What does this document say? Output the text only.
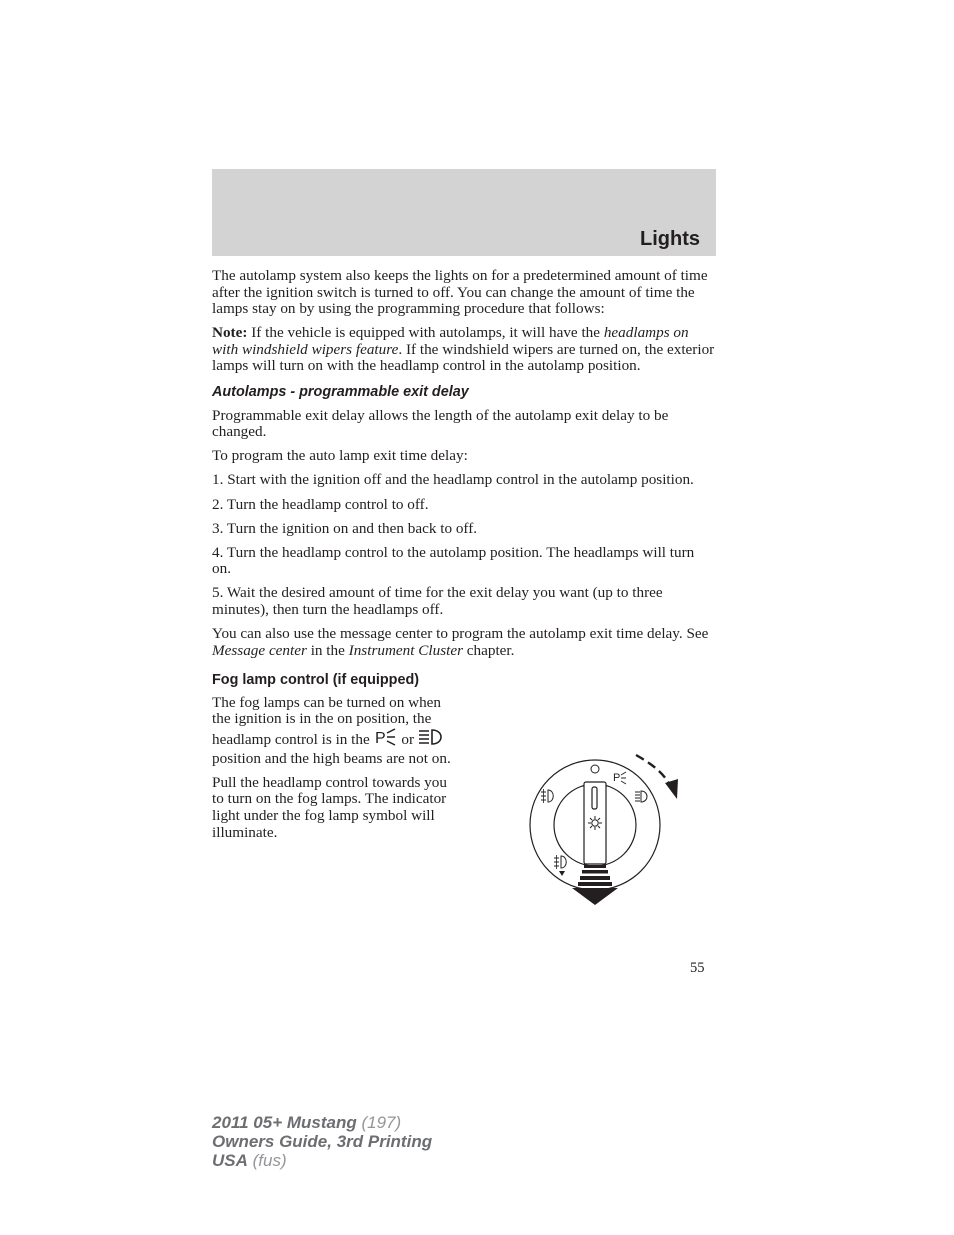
Lights

The autolamp system also keeps the lights on for a predetermined amount of time after the ignition switch is turned to off. You can change the amount of time the lamps stay on by using the programming procedure that follows:

Note: If the vehicle is equipped with autolamps, it will have the headlamps on with windshield wipers feature. If the windshield wipers are turned on, the exterior lamps will turn on with the headlamp control in the autolamp position.

Autolamps - programmable exit delay

Programmable exit delay allows the length of the autolamp exit delay to be changed.

To program the auto lamp exit time delay:

1. Start with the ignition off and the headlamp control in the autolamp position.

2. Turn the headlamp control to off.

3. Turn the ignition on and then back to off.

4. Turn the headlamp control to the autolamp position. The headlamps will turn on.

5. Wait the desired amount of time for the exit delay you want (up to three minutes), then turn the headlamps off.

You can also use the message center to program the autolamp exit time delay. See Message center in the Instrument Cluster chapter.

Fog lamp control (if equipped)

The fog lamps can be turned on when the ignition is in the on position, the headlamp control is in the P or  position and the high beams are not on.

Pull the headlamp control towards you to turn on the fog lamps. The indicator light under the fog lamp symbol will illuminate.

P
55
2011 05+ Mustang (197)
Owners Guide, 3rd Printing
USA (fus)
